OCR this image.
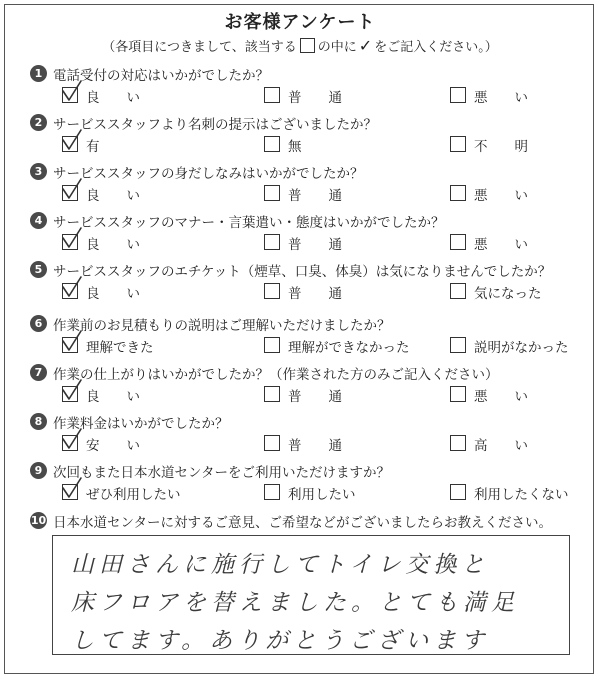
お客様アンケート
（各項目につきまして、該当する の中に ✓ をご記入ください。）
1 電話受付の対応はいかがでしたか？
良　　い	普　　通	悪　　い
2 サービススタッフより名刺の提示はございましたか？
有	無	不　　明
3 サービススタッフの身だしなみはいかがでしたか？
良　　い	普　　通	悪　　い
4 サービススタッフのマナー・言葉遣い・態度はいかがでしたか？
良　　い	普　　通	悪　　い
5 サービススタッフのエチケット（煙草、口臭、体臭）は気になりませんでしたか？
良　　い	普　　通	気になった
6 作業前のお見積もりの説明はご理解いただけましたか？
理解できた	理解ができなかった	説明がなかった
7 作業の仕上がりはいかがでしたか？（作業された方のみご記入ください）
良　　い	普　　通	悪　　い
8 作業料金はいかがでしたか？
安　　い	普　　通	高　　い
9 次回もまた日本水道センターをご利用いただけますか？
ぜひ利用したい	利用したい	利用したくない
10 日本水道センターに対するご意見、ご希望などがございましたらお教えください。
山田さんに施行してトイレ交換と
床フロアを替えました。とても満足
してます。ありがとうございます
